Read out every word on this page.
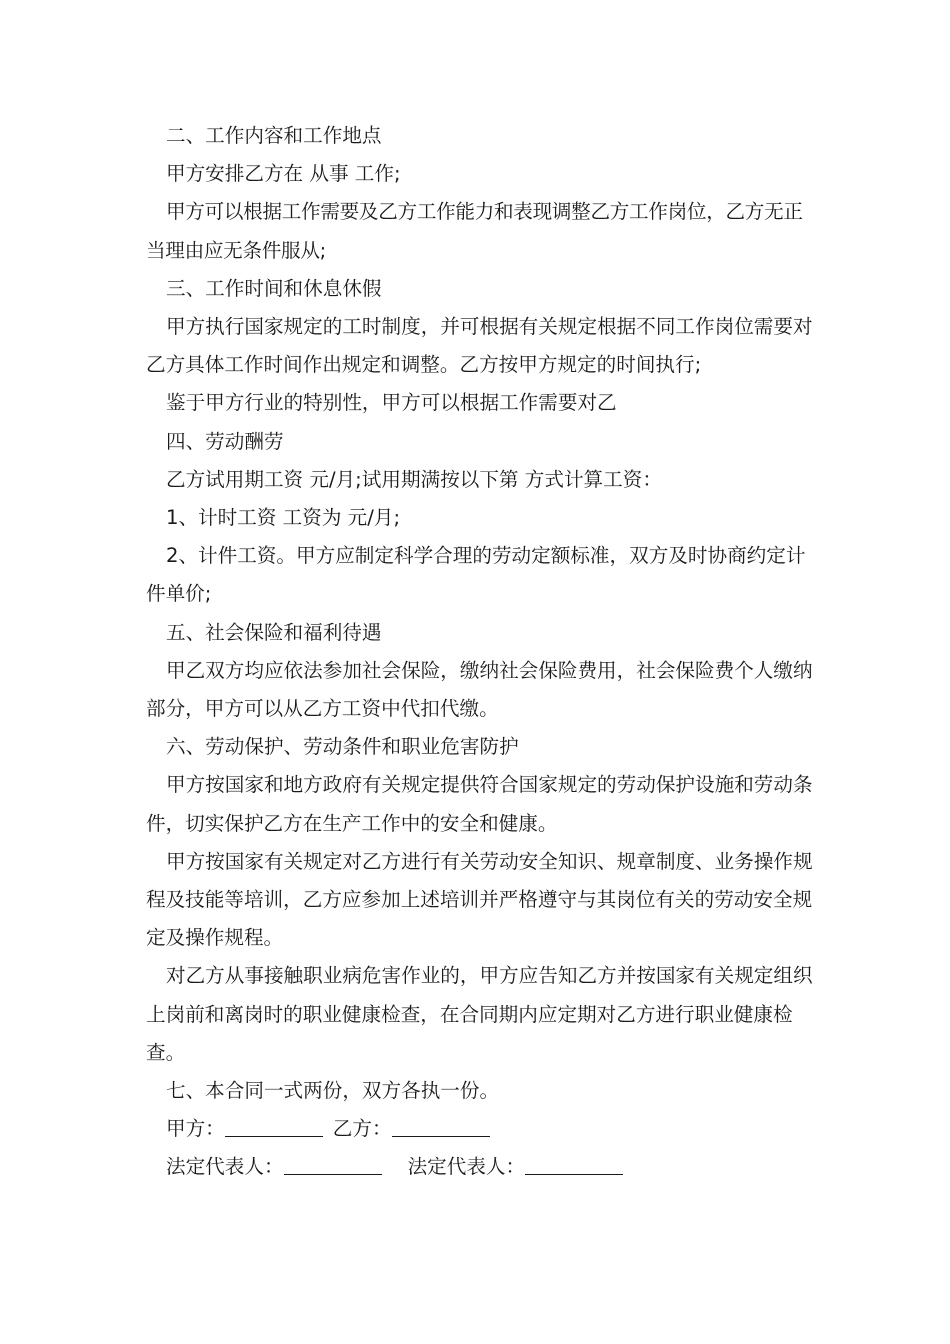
二、工作内容和工作地点

甲方安排乙方在 从事 工作;

甲方可以根据工作需要及乙方工作能力和表现调整乙方工作岗位，乙方无正当理由应无条件服从;

三、工作时间和休息休假

甲方执行国家规定的工时制度，并可根据有关规定根据不同工作岗位需要对乙方具体工作时间作出规定和调整。乙方按甲方规定的时间执行;

鉴于甲方行业的特别性，甲方可以根据工作需要对乙

四、劳动酬劳

乙方试用期工资 元/月;试用期满按以下第 方式计算工资：

1、计时工资 工资为 元/月;

2、计件工资。甲方应制定科学合理的劳动定额标准，双方及时协商约定计件单价;

五、社会保险和福利待遇

甲乙双方均应依法参加社会保险，缴纳社会保险费用，社会保险费个人缴纳部分，甲方可以从乙方工资中代扣代缴。

六、劳动保护、劳动条件和职业危害防护

甲方按国家和地方政府有关规定提供符合国家规定的劳动保护设施和劳动条件，切实保护乙方在生产工作中的安全和健康。

甲方按国家有关规定对乙方进行有关劳动安全知识、规章制度、业务操作规程及技能等培训，乙方应参加上述培训并严格遵守与其岗位有关的劳动安全规定及操作规程。

对乙方从事接触职业病危害作业的，甲方应告知乙方并按国家有关规定组织上岗前和离岗时的职业健康检查，在合同期内应定期对乙方进行职业健康检查。

七、本合同一式两份，双方各执一份。

甲方：	乙方：

法定代表人：	法定代表人：
